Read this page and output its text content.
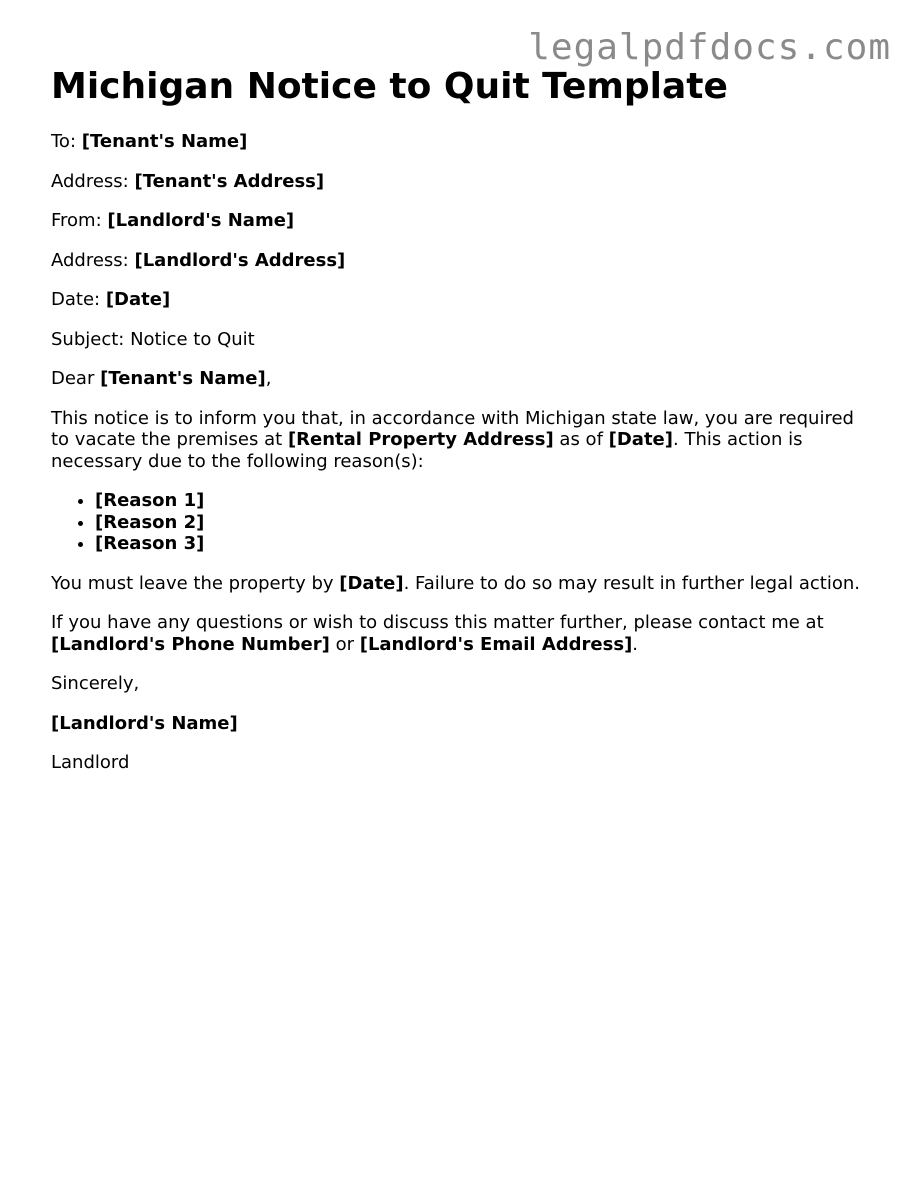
legalpdfdocs.com
Michigan Notice to Quit Template

To: [Tenant's Name]

Address: [Tenant's Address]

From: [Landlord's Name]

Address: [Landlord's Address]

Date: [Date]

Subject: Notice to Quit

Dear [Tenant's Name],

This notice is to inform you that, in accordance with Michigan state law, you are required to vacate the premises at [Rental Property Address] as of [Date]. This action is necessary due to the following reason(s):

• [Reason 1]
• [Reason 2]
• [Reason 3]

You must leave the property by [Date]. Failure to do so may result in further legal action.

If you have any questions or wish to discuss this matter further, please contact me at [Landlord's Phone Number] or [Landlord's Email Address].

Sincerely,

[Landlord's Name]

Landlord
